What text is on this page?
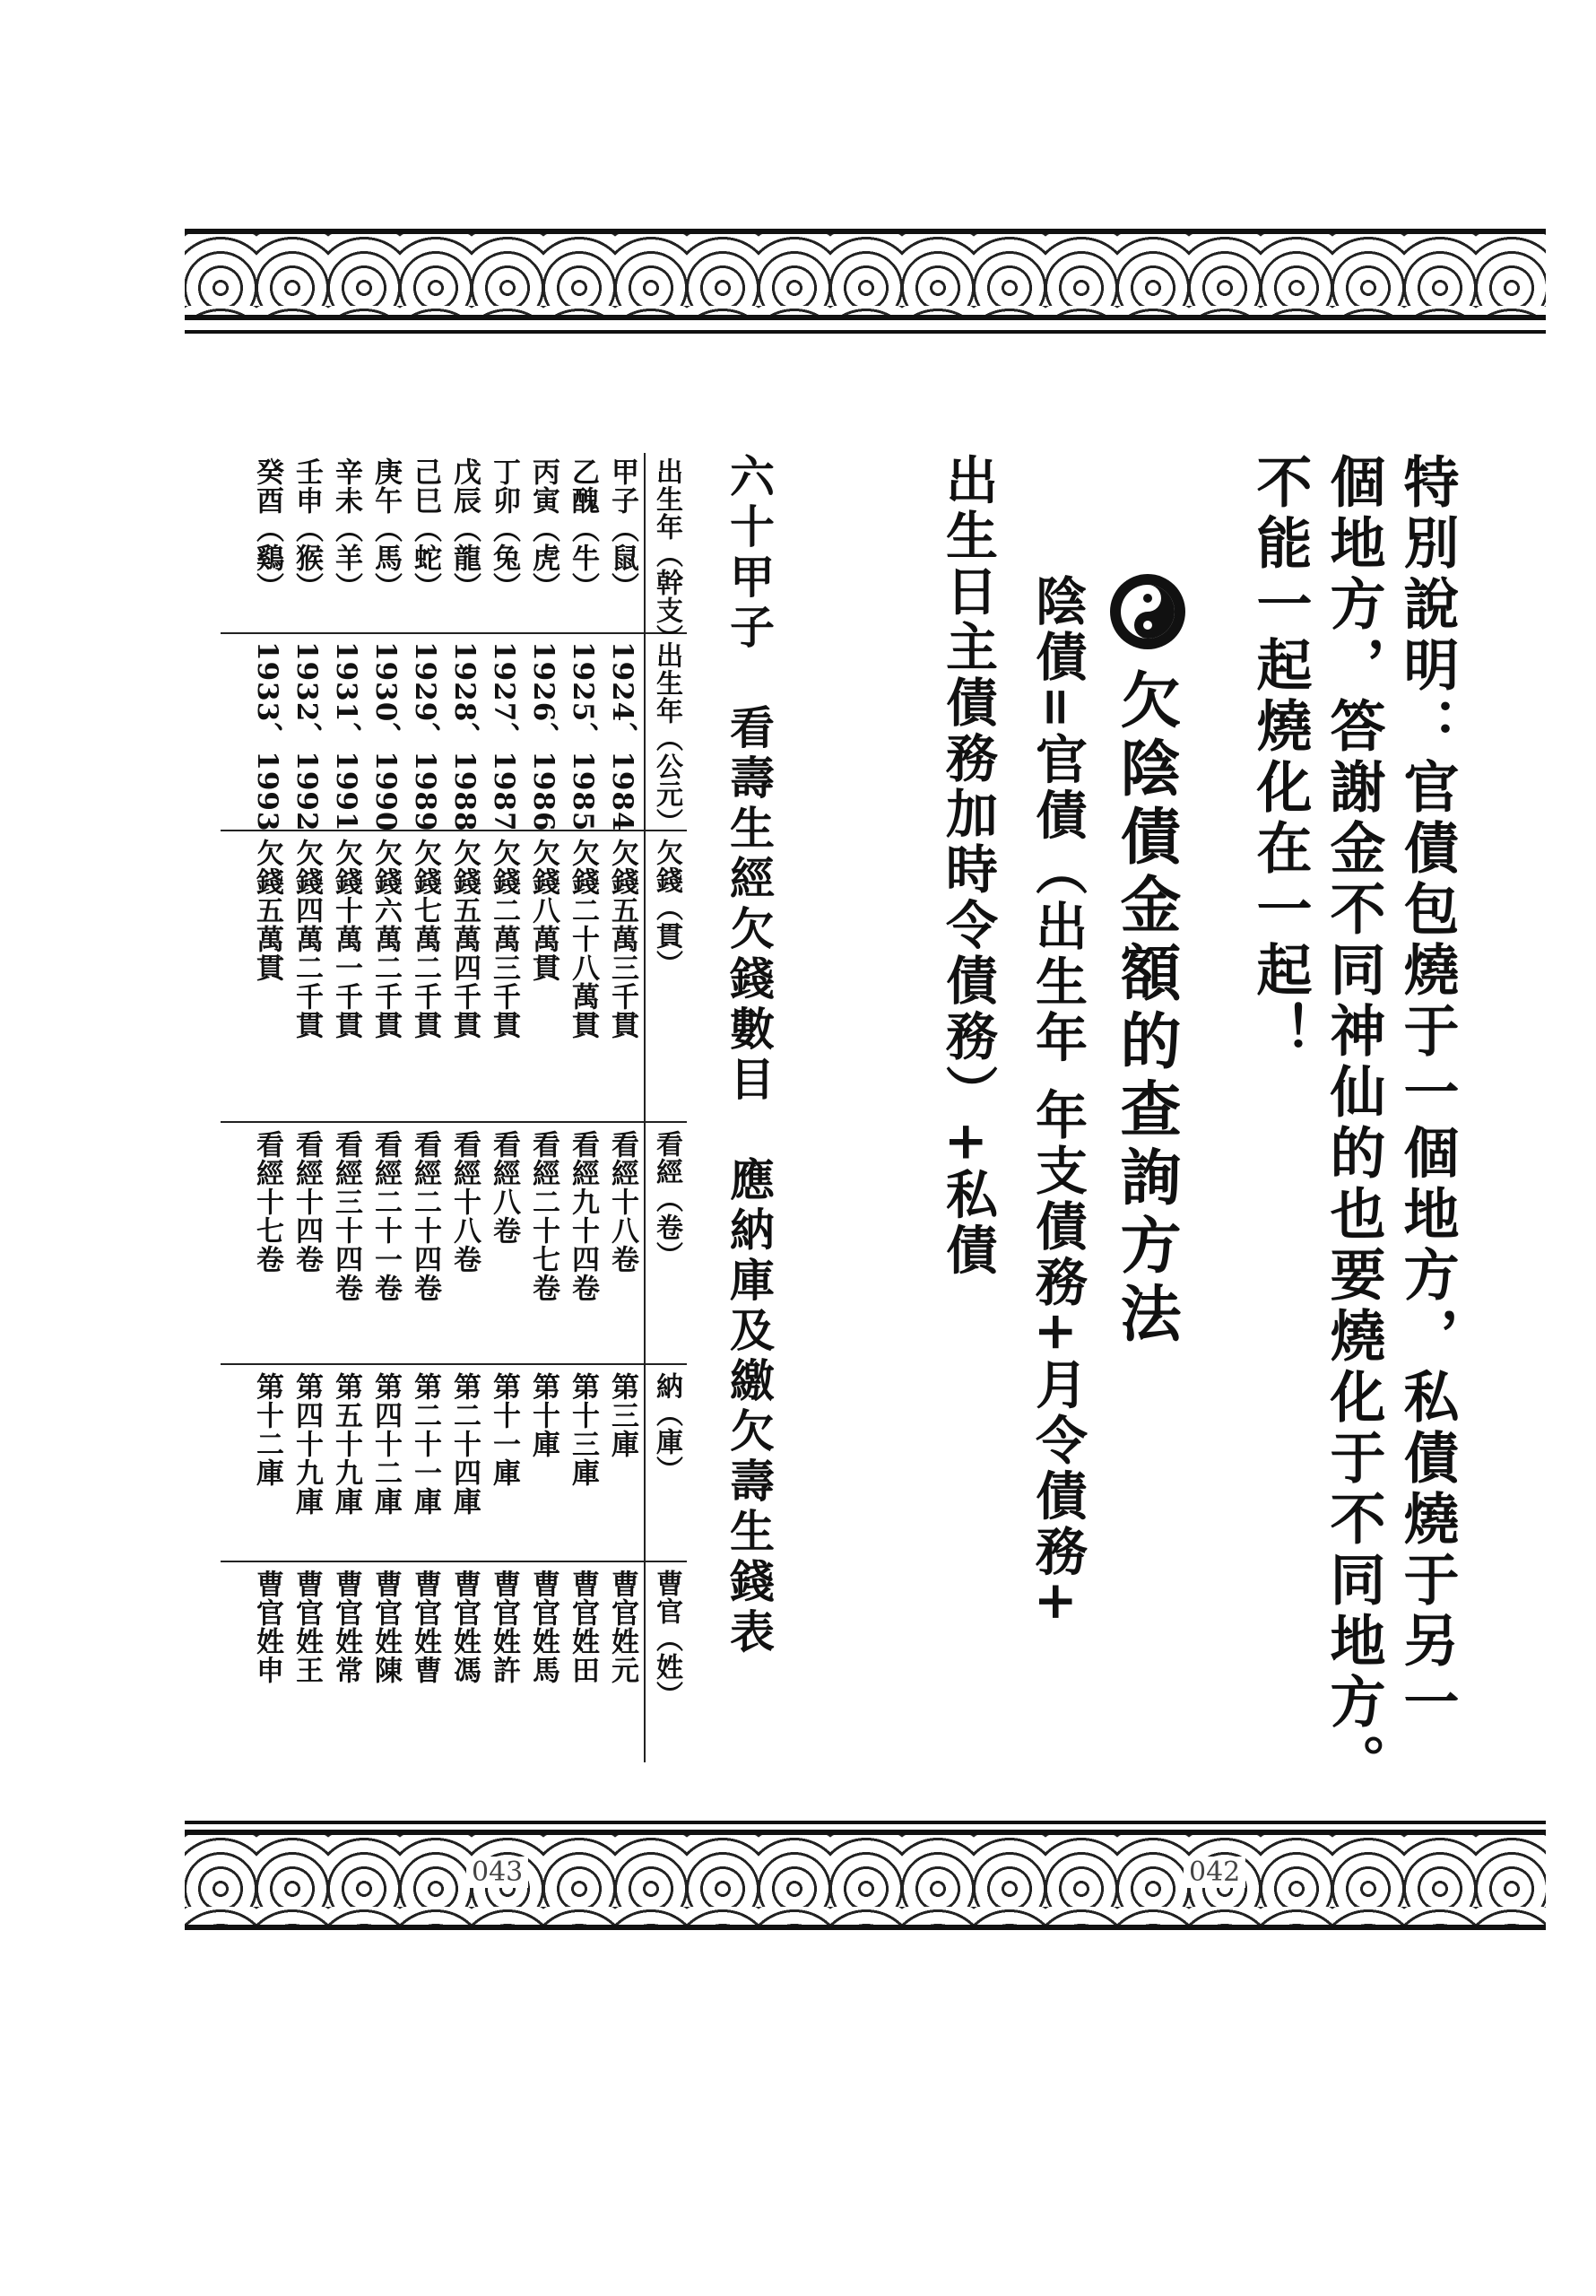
043	042
特別說明：官債包燒于一個地方，私債燒于另一
個地方，答謝金不同神仙的也要燒化于不同地方。
不能一起燒化在一起！
欠陰債金額的查詢方法
陰債=官債（出生年 年支債務+月令債務+
出生日主債務加時令債務）+私債
六十甲子　看壽生經欠錢數目　應納庫及繳欠壽生錢表
出生年（幹支）
出生年（公元）
欠錢（貫）
看經（卷）
納（庫）
曹官（姓）
甲子（鼠）
1924、1984
欠錢五萬三千貫
看經十八卷
第三庫
曹官姓元
乙醜（牛）
1925、1985
欠錢二十八萬貫
看經九十四卷
第十三庫
曹官姓田
丙寅（虎）
1926、1986
欠錢八萬貫
看經二十七卷
第十庫
曹官姓馬
丁卯（兔）
1927、1987
欠錢二萬三千貫
看經八卷
第十一庫
曹官姓許
戊辰（龍）
1928、1988
欠錢五萬四千貫
看經十八卷
第二十四庫
曹官姓馮
己巳（蛇）
1929、1989
欠錢七萬二千貫
看經二十四卷
第二十一庫
曹官姓曹
庚午（馬）
1930、1990
欠錢六萬二千貫
看經二十一卷
第四十二庫
曹官姓陳
辛未（羊）
1931、1991
欠錢十萬一千貫
看經三十四卷
第五十九庫
曹官姓常
壬申（猴）
1932、1992
欠錢四萬二千貫
看經十四卷
第四十九庫
曹官姓王
癸酉（鷄）
1933、1993
欠錢五萬貫
看經十七卷
第十二庫
曹官姓申
